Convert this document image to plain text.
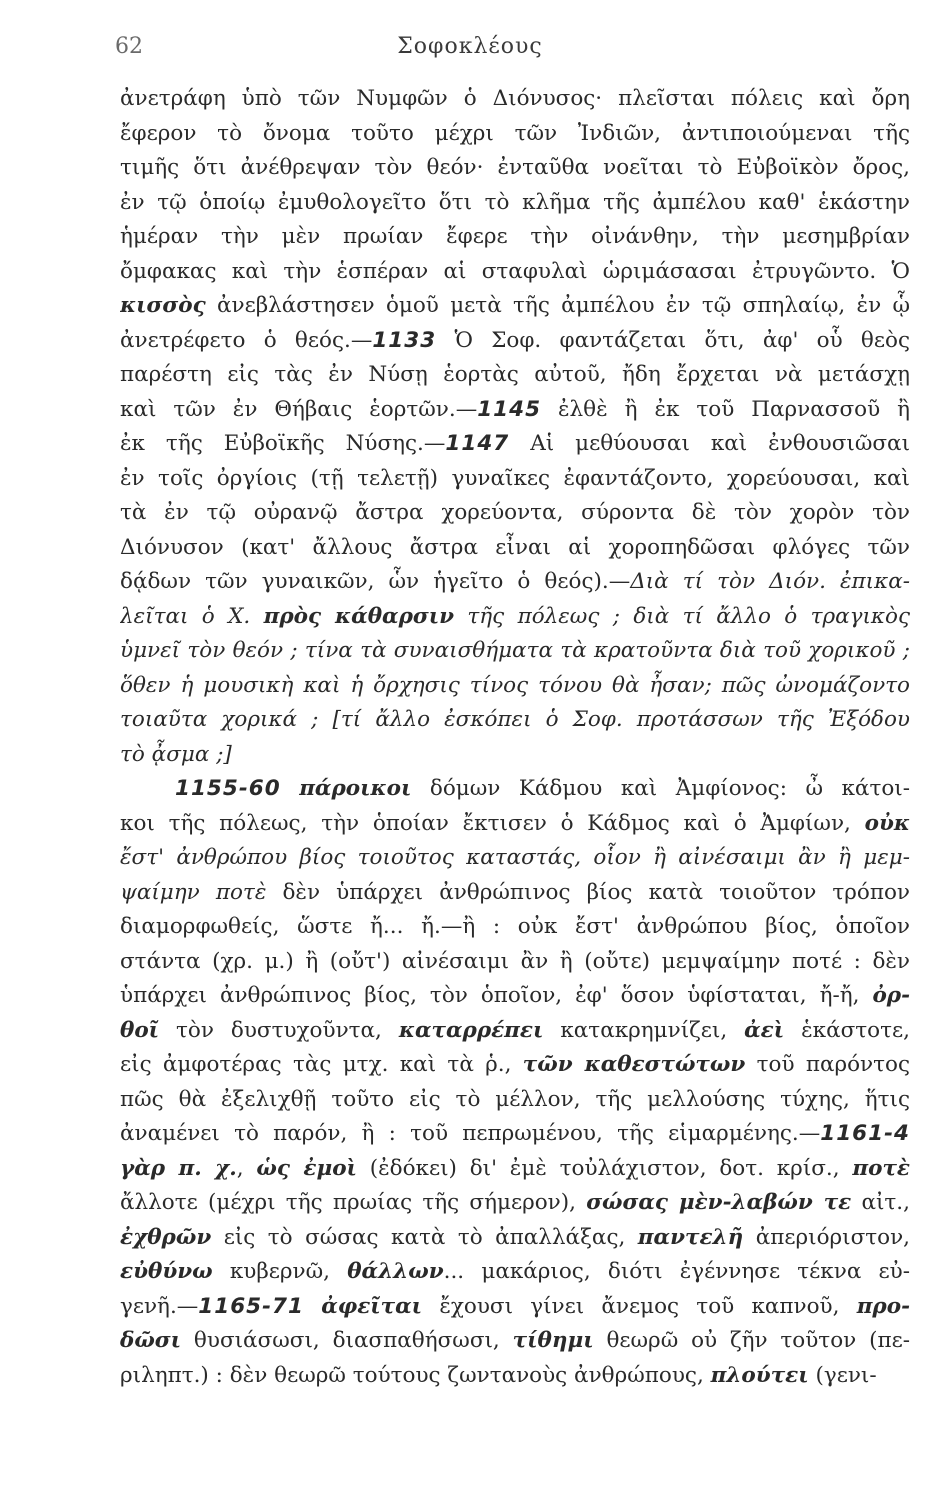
62	Σοφοκλέους
ἀνετράφη ὑπὸ τῶν Νυμφῶν ὁ Διόνυσος· πλεῖσται πόλεις καὶ ὄρη
ἔφερον τὸ ὄνομα τοῦτο μέχρι τῶν Ἰνδιῶν, ἀντιποιούμεναι τῆς
τιμῆς ὅτι ἀνέθρεψαν τὸν θεόν· ἐνταῦθα νοεῖται τὸ Εὐβοϊκὸν ὄρος,
ἐν τῷ ὁποίῳ ἐμυθολογεῖτο ὅτι τὸ κλῆμα τῆς ἀμπέλου καθ' ἑκάστην
ἡμέραν τὴν μὲν πρωίαν ἔφερε τὴν οἰνάνθην, τὴν μεσημβρίαν
ὄμφακας καὶ τὴν ἑσπέραν αἱ σταφυλαὶ ὡριμάσασαι ἐτρυγῶντο. Ὁ
κισσὸς ἀνεβλάστησεν ὁμοῦ μετὰ τῆς ἀμπέλου ἐν τῷ σπηλαίῳ, ἐν ᾧ
ἀνετρέφετο ὁ θεός.—1133 Ὁ Σοφ. φαντάζεται ὅτι, ἀφ' οὗ θεὸς
παρέστη εἰς τὰς ἐν Νύσῃ ἑορτὰς αὐτοῦ, ἤδη ἔρχεται νὰ μετάσχῃ
καὶ τῶν ἐν Θήβαις ἑορτῶν.—1145 ἐλθὲ ἢ ἐκ τοῦ Παρνασσοῦ ἢ
ἐκ τῆς Εὐβοϊκῆς Νύσης.—1147 Αἱ μεθύουσαι καὶ ἐνθουσιῶσαι
ἐν τοῖς ὀργίοις (τῇ τελετῇ) γυναῖκες ἐφαντάζοντο, χορεύουσαι, καὶ
τὰ ἐν τῷ οὐρανῷ ἄστρα χορεύοντα, σύροντα δὲ τὸν χορὸν τὸν
Διόνυσον (κατ' ἄλλους ἄστρα εἶναι αἱ χοροπηδῶσαι φλόγες τῶν
δᾴδων τῶν γυναικῶν, ὧν ἡγεῖτο ὁ θεός).—Διὰ τί τὸν Διόν. ἐπικα-
λεῖται ὁ Χ. πρὸς κάθαρσιν τῆς πόλεως ; διὰ τί ἄλλο ὁ τραγικὸς
ὑμνεῖ τὸν θεόν ; τίνα τὰ συναισθήματα τὰ κρατοῦντα διὰ τοῦ χορικοῦ ;
ὅθεν ἡ μουσικὴ καὶ ἡ ὄρχησις τίνος τόνου θὰ ἦσαν; πῶς ὠνομάζοντο
τοιαῦτα χορικά ; [τί ἄλλο ἐσκόπει ὁ Σοφ. προτάσσων τῆς Ἐξόδου
τὸ ᾆσμα ;]
1155-60 πάροικοι δόμων Κάδμου καὶ Ἀμφίονος: ὦ κάτοι-
κοι τῆς πόλεως, τὴν ὁποίαν ἔκτισεν ὁ Κάδμος καὶ ὁ Ἀμφίων, οὐκ
ἔστ' ἀνθρώπου βίος τοιοῦτος καταστάς, οἷον ἢ αἰνέσαιμι ἂν ἢ μεμ-
ψαίμην ποτὲ δὲν ὑπάρχει ἀνθρώπινος βίος κατὰ τοιοῦτον τρόπον
διαμορφωθείς, ὥστε ἤ... ἤ.—ἢ : οὐκ ἔστ' ἀνθρώπου βίος, ὁποῖον
στάντα (χρ. μ.) ἢ (οὔτ') αἰνέσαιμι ἂν ἢ (οὔτε) μεμψαίμην ποτέ : δὲν
ὑπάρχει ἀνθρώπινος βίος, τὸν ὁποῖον, ἐφ' ὅσον ὑφίσταται, ἤ-ἤ, ὀρ-
θοῖ τὸν δυστυχοῦντα, καταρρέπει κατακρημνίζει, ἀεὶ ἑκάστοτε,
εἰς ἀμφοτέρας τὰς μτχ. καὶ τὰ ῥ., τῶν καθεστώτων τοῦ παρόντος
πῶς θὰ ἐξελιχθῇ τοῦτο εἰς τὸ μέλλον, τῆς μελλούσης τύχης, ἥτις
ἀναμένει τὸ παρόν, ἢ : τοῦ πεπρωμένου, τῆς εἱμαρμένης.—1161-4
γὰρ π. χ., ὡς ἐμοὶ (ἐδόκει) δι' ἐμὲ τοὐλάχιστον, δοτ. κρίσ., ποτὲ
ἄλλοτε (μέχρι τῆς πρωίας τῆς σήμερον), σώσας μὲν-λαβών τε αἰτ.,
ἐχθρῶν εἰς τὸ σώσας κατὰ τὸ ἀπαλλάξας, παντελῆ ἀπεριόριστον,
εὐθύνω κυβερνῶ, θάλλων... μακάριος, διότι ἐγέννησε τέκνα εὐ-
γενῆ.—1165-71 ἀφεῖται ἔχουσι γίνει ἄνεμος τοῦ καπνοῦ, προ-
δῶσι θυσιάσωσι, διασπαθήσωσι, τίθημι θεωρῶ οὐ ζῆν τοῦτον (πε-
ριληπτ.) : δὲν θεωρῶ τούτους ζωντανοὺς ἀνθρώπους, πλούτει (γενι-
